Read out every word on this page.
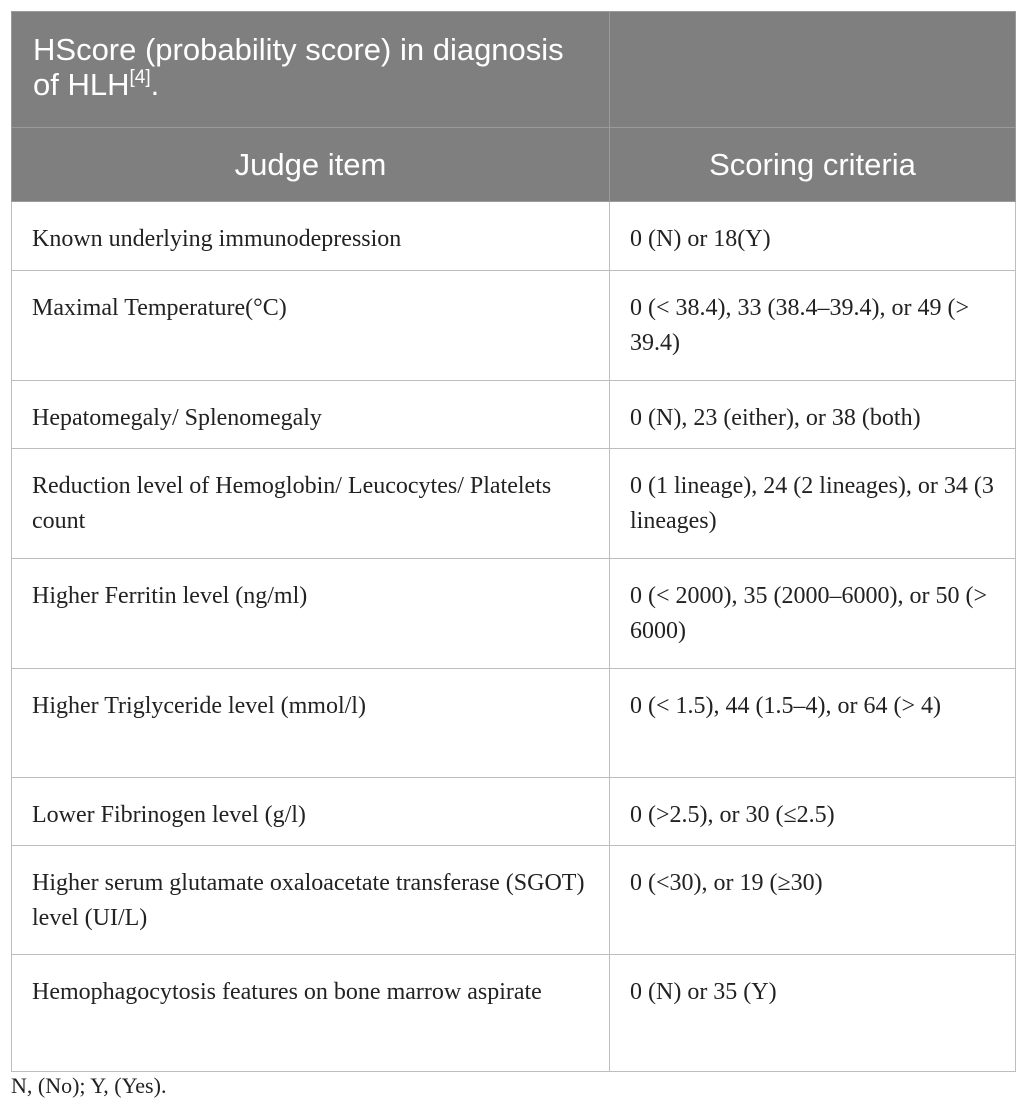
HScore (probability score) in diagnosis of HLH[4].	
Judge item	Scoring criteria
Known underlying immunodepression	0 (N) or 18(Y)
Maximal Temperature(°C)	0 (< 38.4), 33 (38.4–39.4), or 49 (> 39.4)
Hepatomegaly/ Splenomegaly	0 (N), 23 (either), or 38 (both)
Reduction level of Hemoglobin/ Leucocytes/ Platelets count	0 (1 lineage), 24 (2 lineages), or 34 (3 lineages)
Higher Ferritin level (ng/ml)	0 (< 2000), 35 (2000–6000), or 50 (> 6000)
Higher Triglyceride level (mmol/l)	0 (< 1.5), 44 (1.5–4), or 64 (> 4)
Lower Fibrinogen level (g/l)	0 (>2.5), or 30 (≤2.5)
Higher serum glutamate oxaloacetate transferase (SGOT) level (UI/L)	0 (<30), or 19 (≥30)
Hemophagocytosis features on bone marrow aspirate	0 (N) or 35 (Y)
N, (No); Y, (Yes).
